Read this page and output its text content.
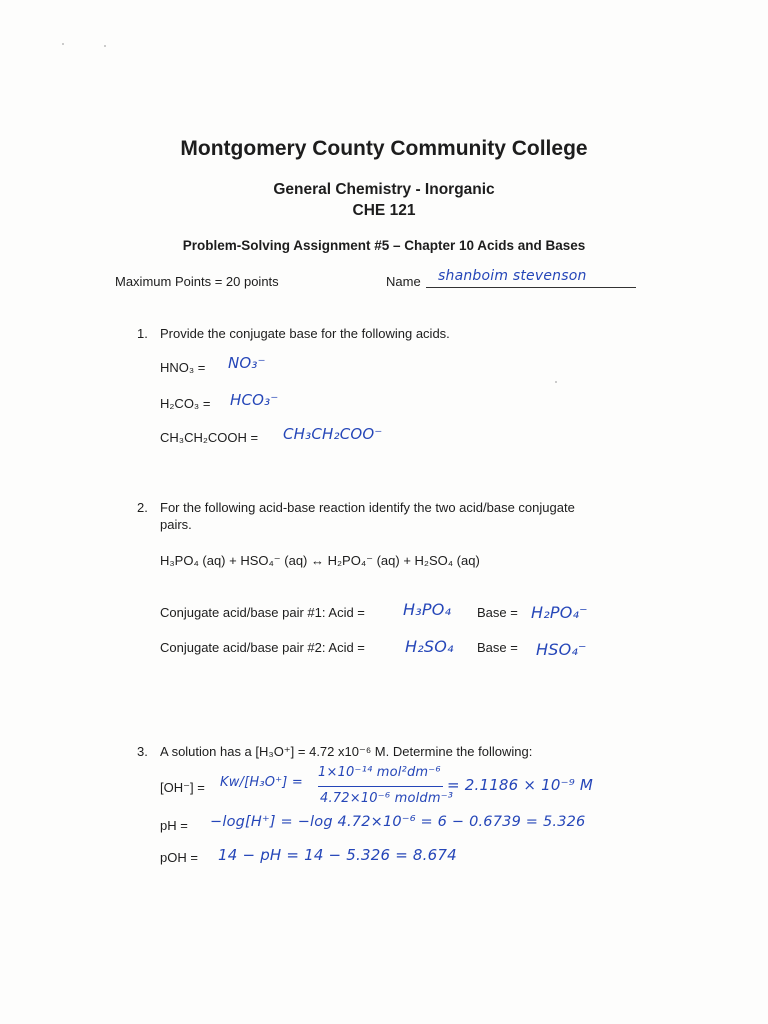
Montgomery County Community College
General Chemistry - Inorganic
CHE 121
Problem-Solving Assignment #5 – Chapter 10 Acids and Bases
Maximum Points = 20 points	Name shanboim stevenson
1. Provide the conjugate base for the following acids.
HNO₃ = NO₃⁻
H₂CO₃ = HCO₃⁻
CH₃CH₂COOH = CH₃CH₂COO⁻
2. For the following acid-base reaction identify the two acid/base conjugate
pairs.
H₃PO₄ (aq) + HSO₄⁻ (aq) ↔ H₂PO₄⁻ (aq) + H₂SO₄ (aq)
Conjugate acid/base pair #1: Acid = H₃PO₄ Base = H₂PO₄⁻
Conjugate acid/base pair #2: Acid =	H₂SO₄ Base = HSO₄⁻
3. A solution has a [H₃O⁺] = 4.72 x10⁻⁶ M. Determine the following:
[OH⁻] = Kw/[H₃O⁺] =
1×10⁻¹⁴ mol²dm⁻⁶
4.72×10⁻⁶ moldm⁻³
= 2.1186 × 10⁻⁹ M
pH = −log[H⁺] = −log 4.72×10⁻⁶ = 6 − 0.6739 = 5.326
pOH = 14 − pH = 14 − 5.326 = 8.674
